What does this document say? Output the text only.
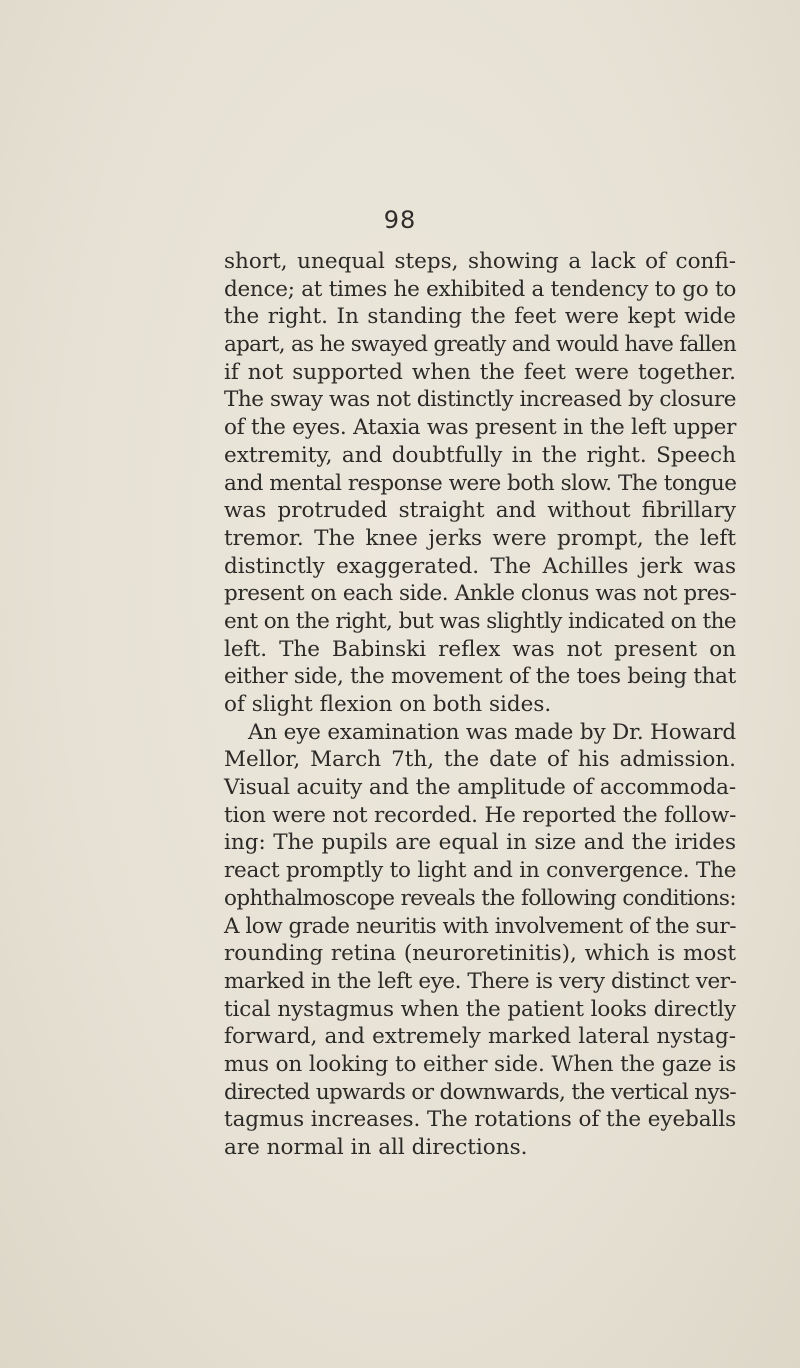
98
short, unequal steps, showing a lack of confi-
dence; at times he exhibited a tendency to go to
the right. In standing the feet were kept wide
apart, as he swayed greatly and would have fallen
if not supported when the feet were together.
The sway was not distinctly increased by closure
of the eyes. Ataxia was present in the left upper
extremity, and doubtfully in the right. Speech
and mental response were both slow. The tongue
was protruded straight and without fibrillary
tremor. The knee jerks were prompt, the left
distinctly exaggerated. The Achilles jerk was
present on each side. Ankle clonus was not pres-
ent on the right, but was slightly indicated on the
left. The Babinski reflex was not present on
either side, the movement of the toes being that
of slight flexion on both sides.
An eye examination was made by Dr. Howard
Mellor, March 7th, the date of his admission.
Visual acuity and the amplitude of accommoda-
tion were not recorded. He reported the follow-
ing: The pupils are equal in size and the irides
react promptly to light and in convergence. The
ophthalmoscope reveals the following conditions:
A low grade neuritis with involvement of the sur-
rounding retina (neuroretinitis), which is most
marked in the left eye. There is very distinct ver-
tical nystagmus when the patient looks directly
forward, and extremely marked lateral nystag-
mus on looking to either side. When the gaze is
directed upwards or downwards, the vertical nys-
tagmus increases. The rotations of the eyeballs
are normal in all directions.
